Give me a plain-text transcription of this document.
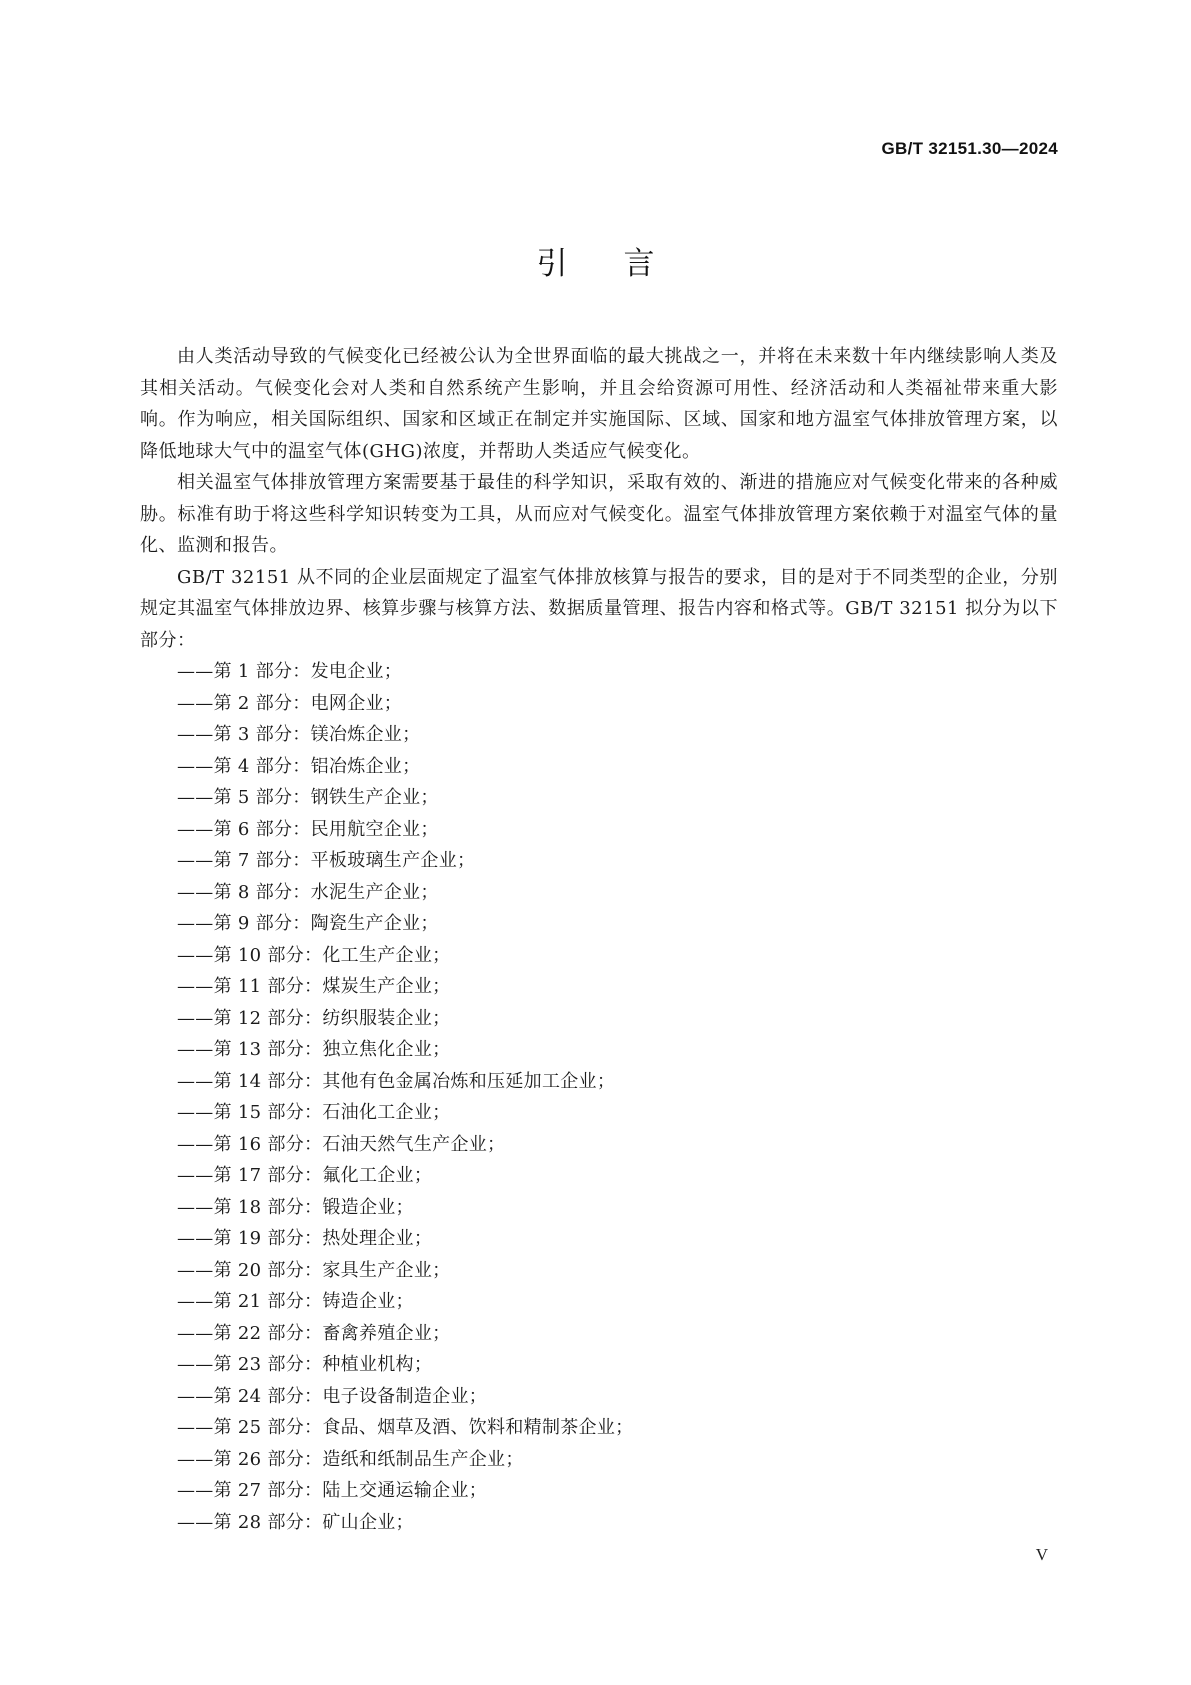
GB/T 32151.30—2024
引言

由人类活动导致的气候变化已经被公认为全世界面临的最大挑战之一，并将在未来数十年内继续影响人类及其相关活动。气候变化会对人类和自然系统产生影响，并且会给资源可用性、经济活动和人类福祉带来重大影响。作为响应，相关国际组织、国家和区域正在制定并实施国际、区域、国家和地方温室气体排放管理方案，以降低地球大气中的温室气体(GHG)浓度，并帮助人类适应气候变化。

相关温室气体排放管理方案需要基于最佳的科学知识，采取有效的、渐进的措施应对气候变化带来的各种威胁。标准有助于将这些科学知识转变为工具，从而应对气候变化。温室气体排放管理方案依赖于对温室气体的量化、监测和报告。

GB/T 32151 从不同的企业层面规定了温室气体排放核算与报告的要求，目的是对于不同类型的企业，分别规定其温室气体排放边界、核算步骤与核算方法、数据质量管理、报告内容和格式等。GB/T 32151 拟分为以下部分：

——第 1 部分：发电企业；
——第 2 部分：电网企业；
——第 3 部分：镁冶炼企业；
——第 4 部分：铝冶炼企业；
——第 5 部分：钢铁生产企业；
——第 6 部分：民用航空企业；
——第 7 部分：平板玻璃生产企业；
——第 8 部分：水泥生产企业；
——第 9 部分：陶瓷生产企业；
——第 10 部分：化工生产企业；
——第 11 部分：煤炭生产企业；
——第 12 部分：纺织服装企业；
——第 13 部分：独立焦化企业；
——第 14 部分：其他有色金属冶炼和压延加工企业；
——第 15 部分：石油化工企业；
——第 16 部分：石油天然气生产企业；
——第 17 部分：氟化工企业；
——第 18 部分：锻造企业；
——第 19 部分：热处理企业；
——第 20 部分：家具生产企业；
——第 21 部分：铸造企业；
——第 22 部分：畜禽养殖企业；
——第 23 部分：种植业机构；
——第 24 部分：电子设备制造企业；
——第 25 部分：食品、烟草及酒、饮料和精制茶企业；
——第 26 部分：造纸和纸制品生产企业；
——第 27 部分：陆上交通运输企业；
——第 28 部分：矿山企业；
V
